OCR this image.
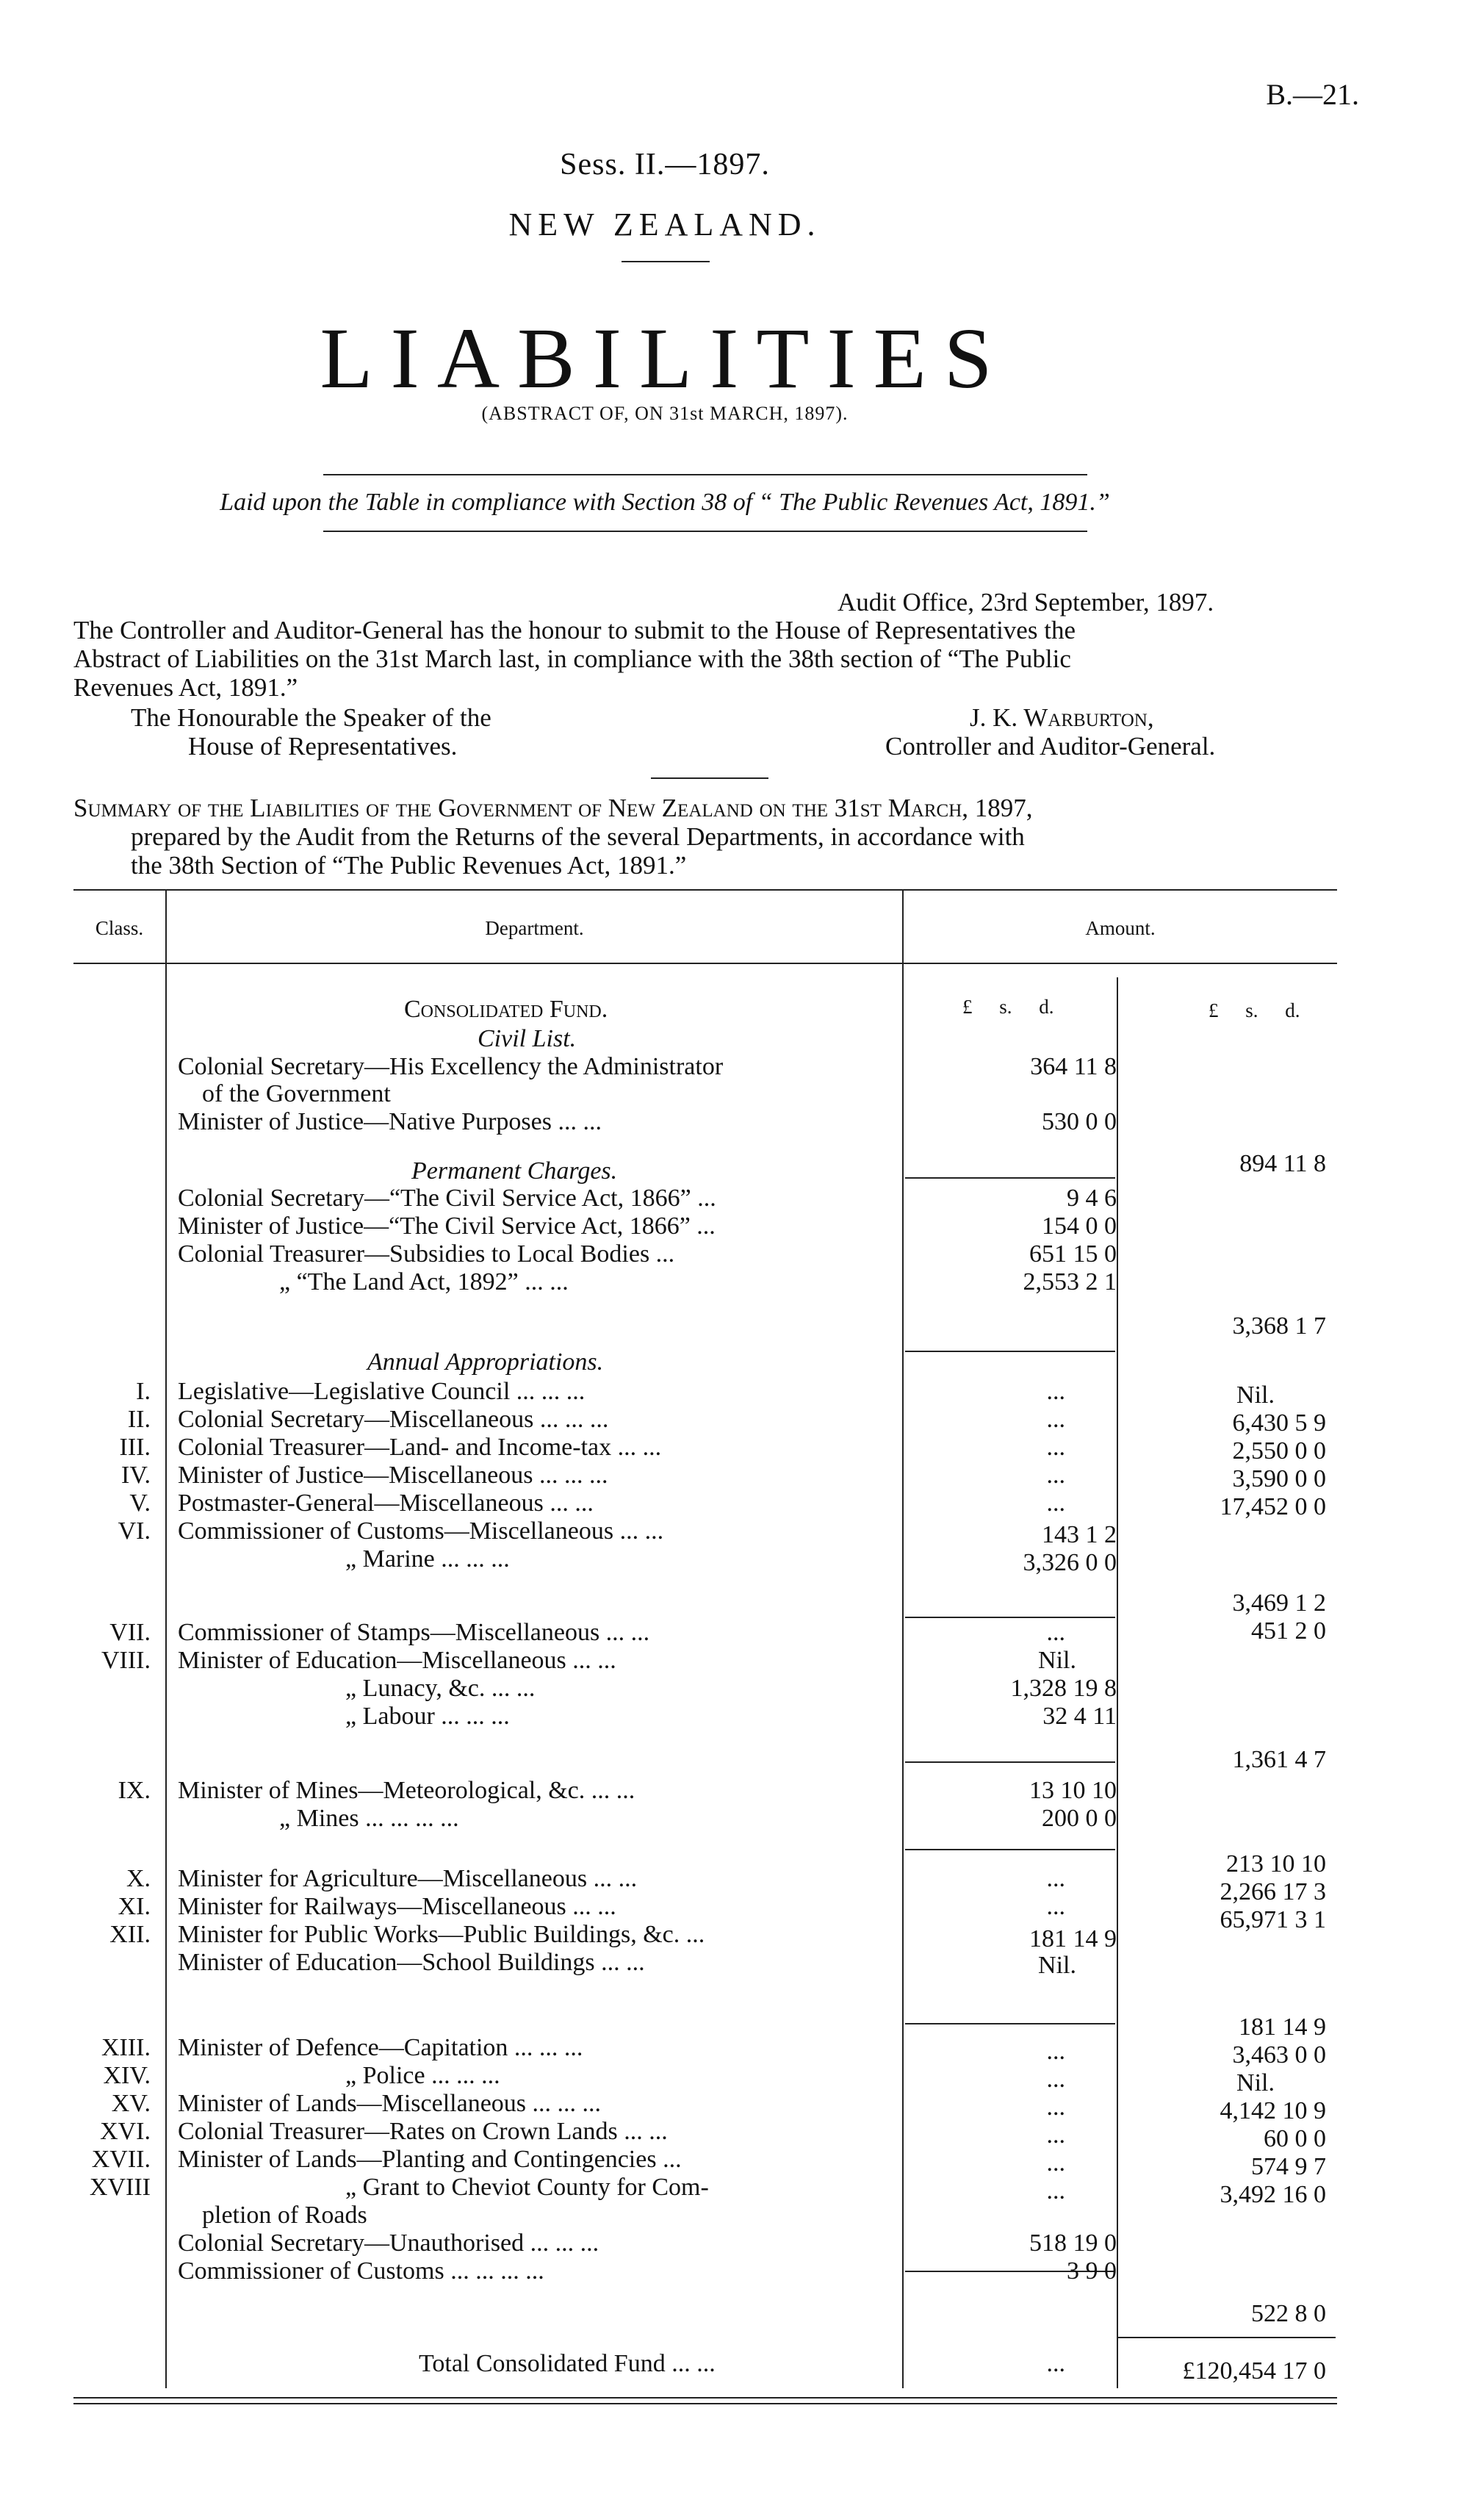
B.—21.
Sess. II.—1897.
NEW ZEALAND.
LIABILITIES
(ABSTRACT OF, ON 31st MARCH, 1897).
Laid upon the Table in compliance with Section 38 of “ The Public Revenues Act, 1891.”
Audit Office, 23rd September, 1897.
The Controller and Auditor-General has the honour to submit to the House of Representatives the
Abstract of Liabilities on the 31st March last, in compliance with the 38th section of “The Public
Revenues Act, 1891.”
The Honourable the Speaker of the
House of Representatives.
J. K. Warburton,
Controller and Auditor-General.
Summary of the Liabilities of the Government of New Zealand on the 31st March, 1897,
prepared by the Audit from the Returns of the several Departments, in accordance with
the 38th Section of “The Public Revenues Act, 1891.”
Class.	Department.	Amount.
Consolidated Fund.	£ s. d.	£ s. d.
Civil List.
Permanent Charges.
Annual Appropriations.
Colonial Secretary—His Excellency the Administrator	364 11 8
of the Government
Minister of Justice—Native Purposes ... ...	530 0 0
894 11 8
Colonial Secretary—“The Civil Service Act, 1866” ...	9 4 6
Minister of Justice—“The Civil Service Act, 1866” ...	154 0 0
Colonial Treasurer—Subsidies to Local Bodies ...	651 15 0
„ “The Land Act, 1892” ... ...	2,553 2 1
3,368 1 7
I. Legislative—Legislative Council ... ... ...	...	Nil.
II. Colonial Secretary—Miscellaneous ... ... ...	...	6,430 5 9
III. Colonial Treasurer—Land- and Income-tax ... ...	...	2,550 0 0
IV. Minister of Justice—Miscellaneous ... ... ...	...	3,590 0 0
V. Postmaster-General—Miscellaneous ... ...	...	17,452 0 0
VI. Commissioner of Customs—Miscellaneous ... ...	143 1 2
„ Marine ... ... ...	3,326 0 0
3,469 1 2
VII. Commissioner of Stamps—Miscellaneous ... ...	...	451 2 0
VIII. Minister of Education—Miscellaneous ... ...	Nil.
„ Lunacy, &c. ... ...	1,328 19 8
„ Labour ... ... ...	32 4 11
1,361 4 7
IX. Minister of Mines—Meteorological, &c. ... ...	13 10 10
„ Mines ... ... ... ...	200 0 0
213 10 10
X. Minister for Agriculture—Miscellaneous ... ...	...	2,266 17 3
XI. Minister for Railways—Miscellaneous ... ...	...	65,971 3 1
XII. Minister for Public Works—Public Buildings, &c. ...	181 14 9
Minister of Education—School Buildings ... ...	Nil.
181 14 9
XIII. Minister of Defence—Capitation ... ... ...	...	3,463 0 0
XIV.	„ Police ... ... ...	...	Nil.
XV. Minister of Lands—Miscellaneous ... ... ...	...	4,142 10 9
XVI. Colonial Treasurer—Rates on Crown Lands ... ...	...	60 0 0
XVII. Minister of Lands—Planting and Contingencies ...	...	574 9 7
XVIII	„ Grant to Cheviot County for Com-	...	3,492 16 0
pletion of Roads
Colonial Secretary—Unauthorised ... ... ...	518 19 0
Commissioner of Customs ... ... ... ...	3 9 0
522 8 0
Total Consolidated Fund ... ...	...	£120,454 17 0
